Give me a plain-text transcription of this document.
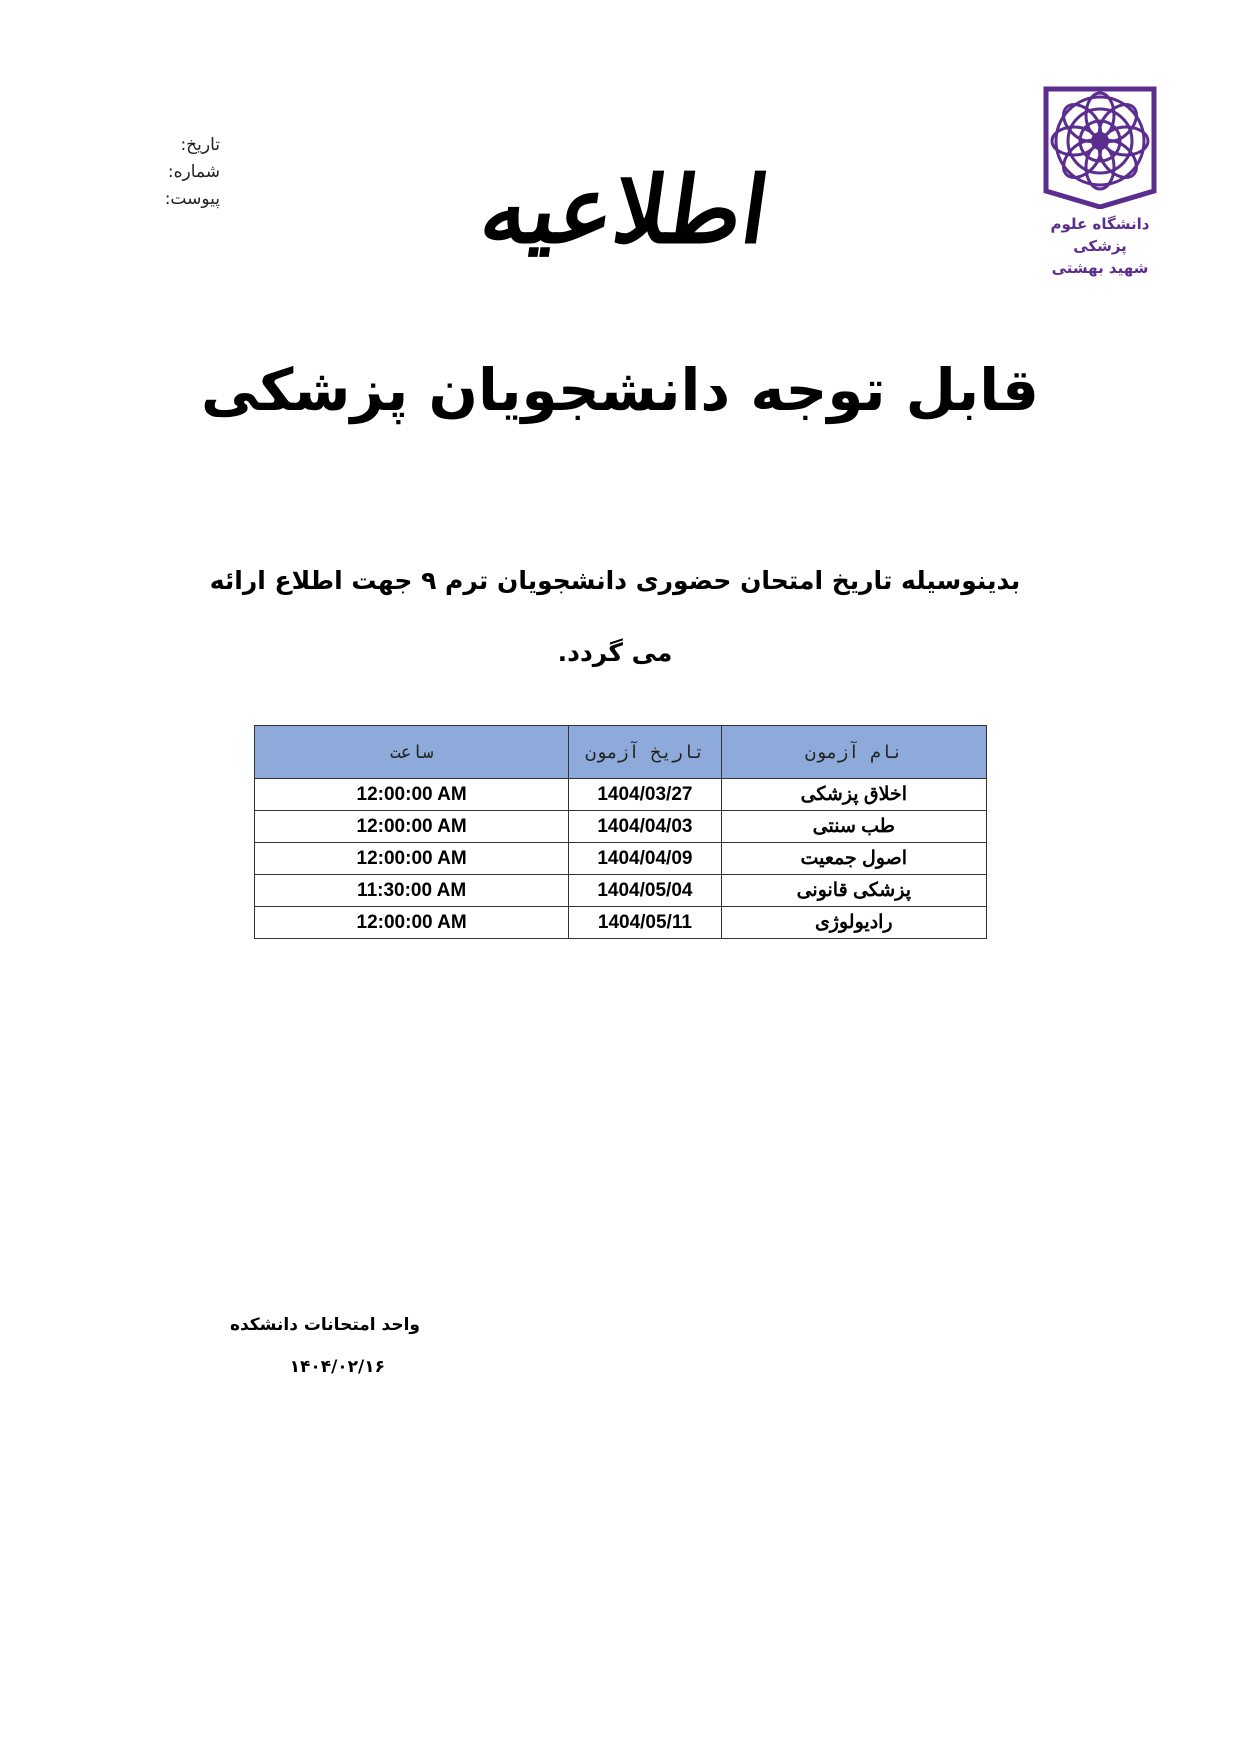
تاریخ:
شماره:
پیوست:
دانشگاه علوم پزشکی
شهید بهشتی
اطلاعیه
قابل توجه دانشجویان پزشکی
بدینوسیله تاریخ امتحان حضوری دانشجویان ترم ۹ جهت اطلاع ارائه می گردد.
نام آزمون	تاریخ آزمون	ساعت
اخلاق پزشکی	1404/03/27	12:00:00 AM
طب سنتی	1404/04/03	12:00:00 AM
اصول جمعیت	1404/04/09	12:00:00 AM
پزشکی قانونی	1404/05/04	11:30:00 AM
رادیولوژی	1404/05/11	12:00:00 AM
واحد امتحانات دانشکده
۱۴۰۴/۰۲/۱۶
